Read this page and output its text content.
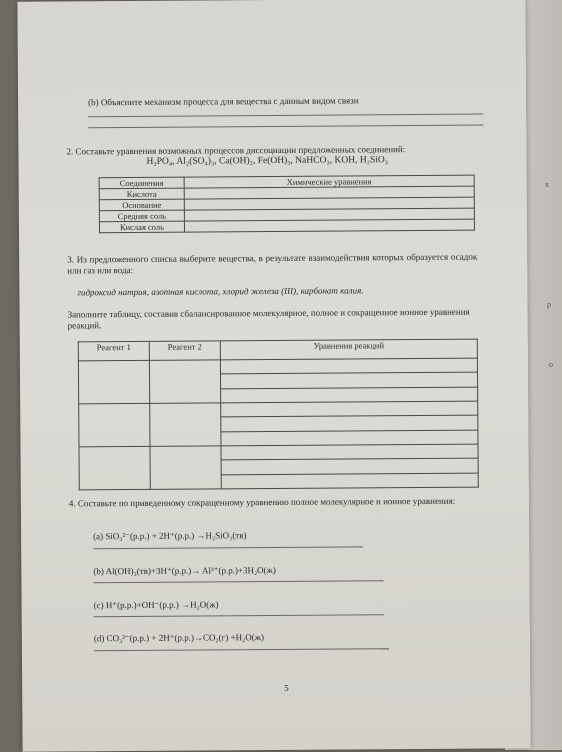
x
p
o
(b) Объясните механизм процесса для вещества с данным видом связи
2. Составьте уравнения возможных процессов диссоциации предложенных соединений:
H₃PO₄, Al₂(SO₄)₃, Ca(OH)₂, Fe(OH)₃, NaHCO₃, KOH, H₂SiO₃
Соединения	Химические уравнения
Кислота	
Основание	
Средняя соль	
Кислая соль	
3. Из предложенного списка выберите вещества, в результате взаимодействия которых образуется осадок или газ или вода:
гидроксид натрия, азотная кислота, хлорид железа (III), карбонат калия.
Заполните таблицу, составив сбалансированное молекулярное, полное и сокращенное ионное уравнения реакций.
Реагент 1	Реагент 2	Уравнения реакций

4. Составьте по приведенному сокращенному уравнению полное молекулярное и ионное уравнения:
(a) SiO₃²⁻(р.р.) + 2H⁺(р.р.) →H₂SiO₃(тв)
(b) Al(OH)₃(тв)+3H⁺(р.р.)→ Al³⁺(р.р.)+3H₂O(ж)
(c) H⁺(р.р.)+OH⁻(р.р.) →H₂O(ж)
(d) CO₃²⁻(р.р.) + 2H⁺(р.р.)→CO₂(г) +H₂O(ж)
5
